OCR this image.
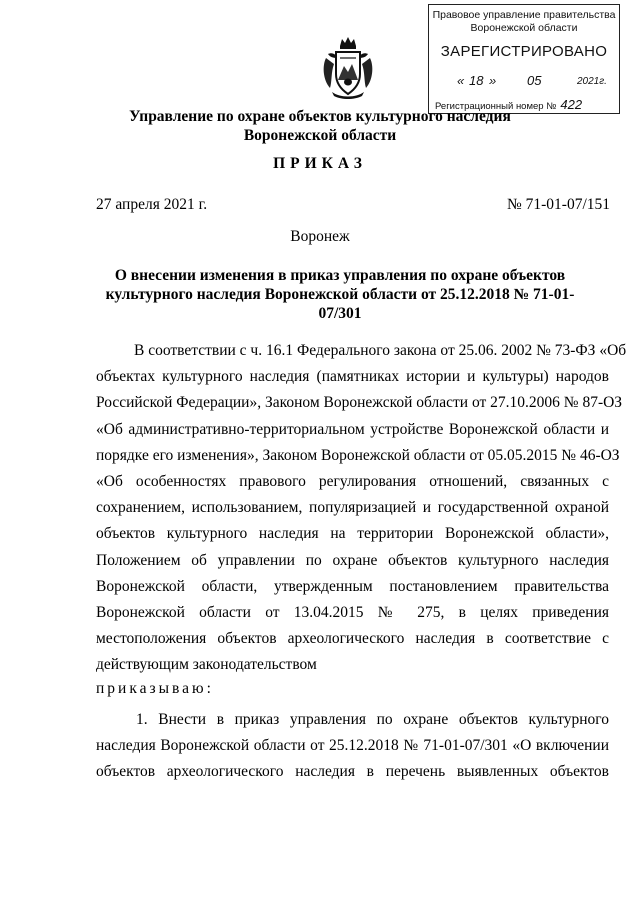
Правовое управление правительства
Воронежской области
ЗАРЕГИСТРИРОВАНО
« 18 » 05	2021г.
Регистрационный номер № 422
Управление по охране объектов культурного наследия
Воронежской области
ПРИКАЗ
27 апреля 2021 г.	№ 71-01-07/151
Воронеж
О внесении изменения в приказ управления по охране объектов
культурного наследия Воронежской области от 25.12.2018 № 71-01-07/301
В соответствии с ч. 16.1 Федерального закона от 25.06. 2002 № 73-ФЗ «Об
объектах культурного наследия (памятниках истории и культуры) народов
Российской Федерации», Законом Воронежской области от 27.10.2006 № 87-ОЗ
«Об административно-территориальном устройстве Воронежской области и
порядке его изменения», Законом Воронежской области от 05.05.2015 № 46-ОЗ
«Об особенностях правового регулирования отношений, связанных с
сохранением, использованием, популяризацией и государственной охраной
объектов культурного наследия на территории Воронежской области»,
Положением об управлении по охране объектов культурного наследия
Воронежской области, утвержденным постановлением правительства
Воронежской области от 13.04.2015 № 275, в целях приведения
местоположения объектов археологического наследия в соответствие с
действующим законодательством
приказываю:
1. Внести в приказ управления по охране объектов культурного
наследия Воронежской области от 25.12.2018 № 71-01-07/301 «О включении
объектов археологического наследия в перечень выявленных объектов
